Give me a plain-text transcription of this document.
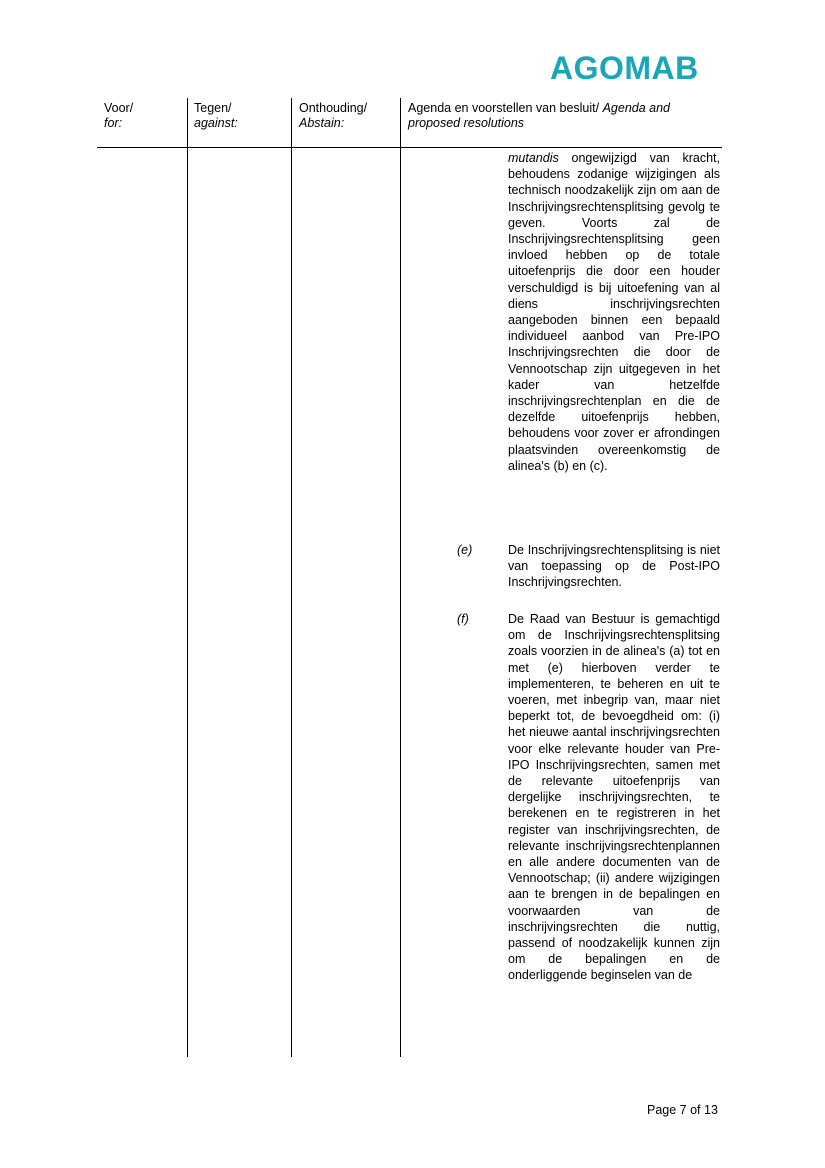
AGOMAB
Voor/
for:
Tegen/
against:
Onthouding/
Abstain:
Agenda en voorstellen van besluit/ Agenda and proposed resolutions
mutandis ongewijzigd van kracht, behoudens zodanige wijzigingen als technisch noodzakelijk zijn om aan de Inschrijvingsrechtensplitsing gevolg te geven. Voorts zal de Inschrijvingsrechtensplitsing geen invloed hebben op de totale uitoefenprijs die door een houder verschuldigd is bij uitoefening van al diens inschrijvingsrechten aangeboden binnen een bepaald individueel aanbod van Pre-IPO Inschrijvingsrechten die door de Vennootschap zijn uitgegeven in het kader van hetzelfde inschrijvingsrechtenplan en die de dezelfde uitoefenprijs hebben, behoudens voor zover er afrondingen plaatsvinden overeenkomstig de alinea's (b) en (c).
(e)	De Inschrijvingsrechtensplitsing is niet van toepassing op de Post-IPO Inschrijvingsrechten.
(f)	De Raad van Bestuur is gemachtigd om de Inschrijvingsrechtensplitsing zoals voorzien in de alinea's (a) tot en met (e) hierboven verder te implementeren, te beheren en uit te voeren, met inbegrip van, maar niet beperkt tot, de bevoegdheid om: (i) het nieuwe aantal inschrijvingsrechten voor elke relevante houder van Pre-IPO Inschrijvingsrechten, samen met de relevante uitoefenprijs van dergelijke inschrijvingsrechten, te berekenen en te registreren in het register van inschrijvingsrechten, de relevante inschrijvingsrechtenplannen en alle andere documenten van de Vennootschap; (ii) andere wijzigingen aan te brengen in de bepalingen en voorwaarden van de inschrijvingsrechten die nuttig, passend of noodzakelijk kunnen zijn om de bepalingen en de onderliggende beginselen van de
Page 7 of 13
